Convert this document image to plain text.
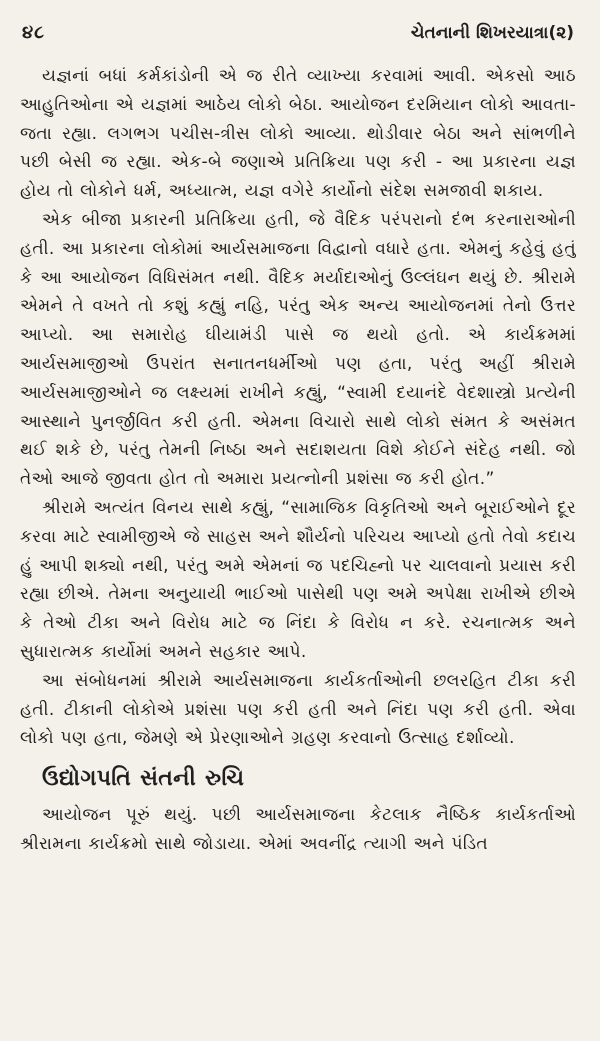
૪૮	ચેતનાની શિખરયાત્રા(૨)

યજ્ઞનાં બધાં કર્મકાંડોની એ જ રીતે વ્યાખ્યા કરવામાં આવી. એકસો આઠ આહુતિઓના એ યજ્ઞમાં આઠેય લોકો બેઠા. આયોજન દરમિયાન લોકો આવતા-જતા રહ્યા. લગભગ પચીસ-ત્રીસ લોકો આવ્યા. થોડીવાર બેઠા અને સાંભળીને પછી બેસી જ રહ્યા. એક-બે જણાએ પ્રતિક્રિયા પણ કરી - આ પ્રકારના યજ્ઞ હોય તો લોકોને ધર્મ, અધ્યાત્મ, યજ્ઞ વગેરે કાર્યોનો સંદેશ સમજાવી શકાય.

એક બીજા પ્રકારની પ્રતિક્રિયા હતી, જે વૈદિક પરંપરાનો દંભ કરનારાઓની હતી. આ પ્રકારના લોકોમાં આર્યસમાજના વિદ્વાનો વધારે હતા. એમનું કહેવું હતું કે આ આયોજન વિધિસંમત નથી. વૈદિક મર્યાદાઓનું ઉલ્લંઘન થયું છે. શ્રીરામે એમને તે વખતે તો કશું કહ્યું નહિ, પરંતુ એક અન્ય આયોજનમાં તેનો ઉત્તર આપ્યો. આ સમારોહ ઘીયામંડી પાસે જ થયો હતો. એ કાર્યક્રમમાં આર્યસમાજીઓ ઉપરાંત સનાતનધર્મીઓ પણ હતા, પરંતુ અહીં શ્રીરામે આર્યસમાજીઓને જ લક્ષ્યમાં રાખીને કહ્યું, “સ્વામી દયાનંદે વેદશાસ્ત્રો પ્રત્યેની આસ્થાને પુનર્જીવિત કરી હતી. એમના વિચારો સાથે લોકો સંમત કે અસંમત થઈ શકે છે, પરંતુ તેમની નિષ્ઠા અને સદાશયતા વિશે કોઈને સંદેહ નથી. જો તેઓ આજે જીવતા હોત તો અમારા પ્રયત્નોની પ્રશંસા જ કરી હોત.”

શ્રીરામે અત્યંત વિનય સાથે કહ્યું, “સામાજિક વિકૃતિઓ અને બૂરાઈઓને દૂર કરવા માટે સ્વામીજીએ જે સાહસ અને શૌર્યનો પરિચય આપ્યો હતો તેવો કદાચ હું આપી શક્યો નથી, પરંતુ અમે એમનાં જ પદચિહ્નો પર ચાલવાનો પ્રયાસ કરી રહ્યા છીએ. તેમના અનુયાયી ભાઈઓ પાસેથી પણ અમે અપેક્ષા રાખીએ છીએ કે તેઓ ટીકા અને વિરોધ માટે જ નિંદા કે વિરોધ ન કરે. રચનાત્મક અને સુધારાત્મક કાર્યોમાં અમને સહકાર આપે.

આ સંબોધનમાં શ્રીરામે આર્યસમાજના કાર્યકર્તાઓની છલરહિત ટીકા કરી હતી. ટીકાની લોકોએ પ્રશંસા પણ કરી હતી અને નિંદા પણ કરી હતી. એવા લોકો પણ હતા, જેમણે એ પ્રેરણાઓને ગ્રહણ કરવાનો ઉત્સાહ દર્શાવ્યો.

ઉદ્યોગપતિ સંતની રુચિ

આયોજન પૂરું થયું. પછી આર્યસમાજના કેટલાક નૈષ્ઠિક કાર્યકર્તાઓ શ્રીરામના કાર્યક્રમો સાથે જોડાયા. એમાં અવનીંદ્ર ત્યાગી અને પંડિત
